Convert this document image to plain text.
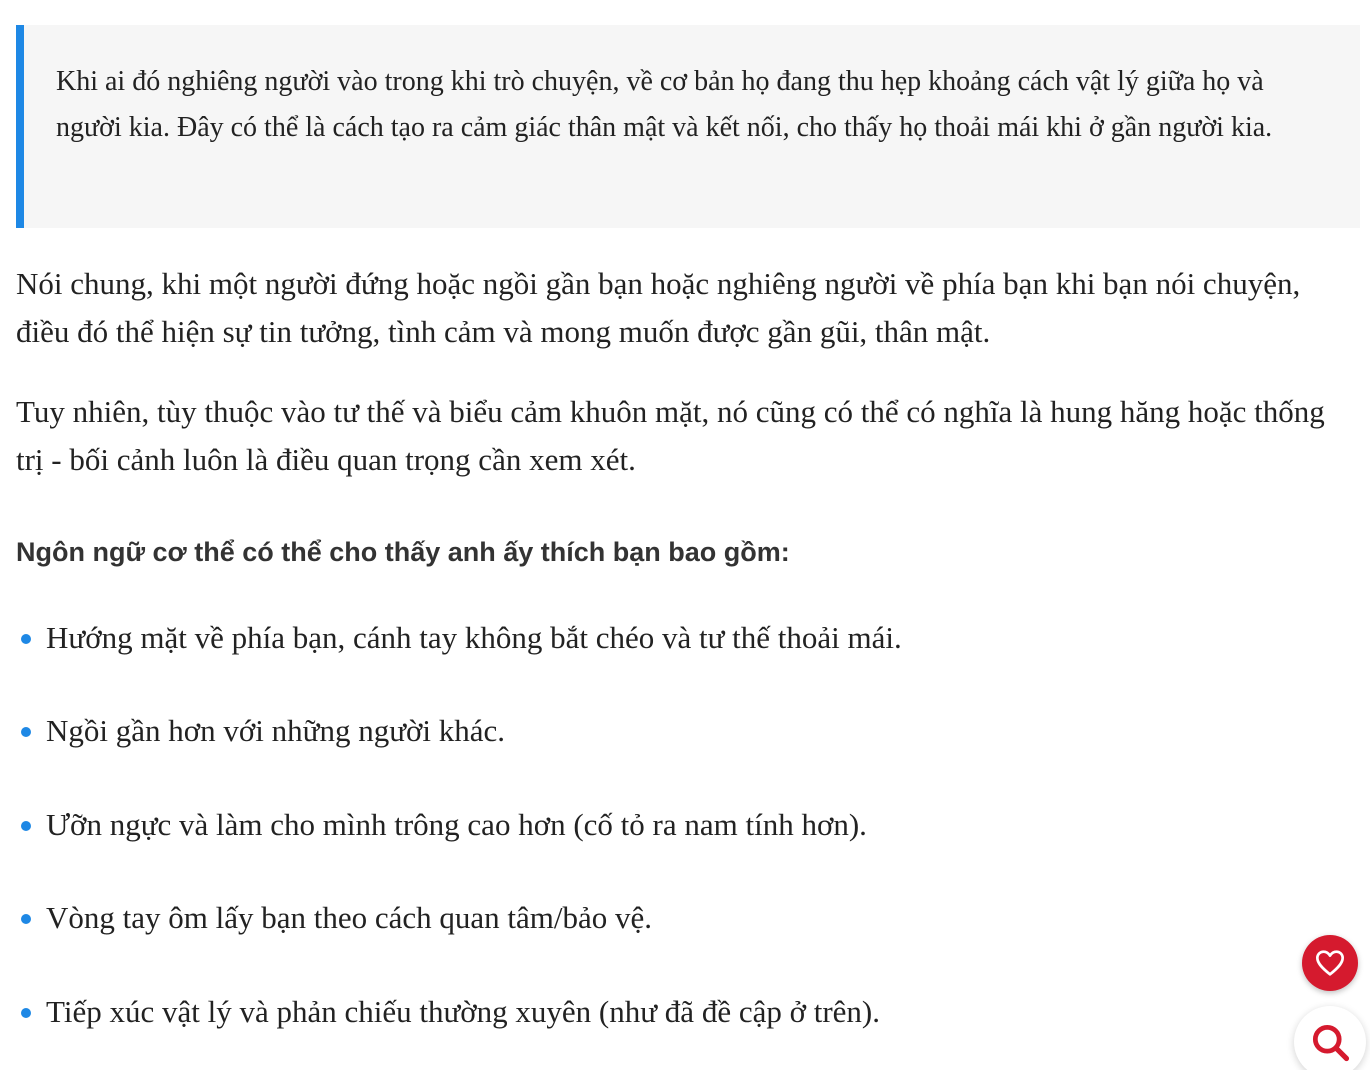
Khi ai đó nghiêng người vào trong khi trò chuyện, về cơ bản họ đang thu hẹp khoảng cách vật lý giữa họ và người kia. Đây có thể là cách tạo ra cảm giác thân mật và kết nối, cho thấy họ thoải mái khi ở gần người kia.

Nói chung, khi một người đứng hoặc ngồi gần bạn hoặc nghiêng người về phía bạn khi bạn nói chuyện, điều đó thể hiện sự tin tưởng, tình cảm và mong muốn được gần gũi, thân mật.

Tuy nhiên, tùy thuộc vào tư thế và biểu cảm khuôn mặt, nó cũng có thể có nghĩa là hung hăng hoặc thống trị - bối cảnh luôn là điều quan trọng cần xem xét.

Ngôn ngữ cơ thể có thể cho thấy anh ấy thích bạn bao gồm:
Hướng mặt về phía bạn, cánh tay không bắt chéo và tư thế thoải mái.
Ngồi gần hơn với những người khác.
Ưỡn ngực và làm cho mình trông cao hơn (cố tỏ ra nam tính hơn).
Vòng tay ôm lấy bạn theo cách quan tâm/bảo vệ.
Tiếp xúc vật lý và phản chiếu thường xuyên (như đã đề cập ở trên).
